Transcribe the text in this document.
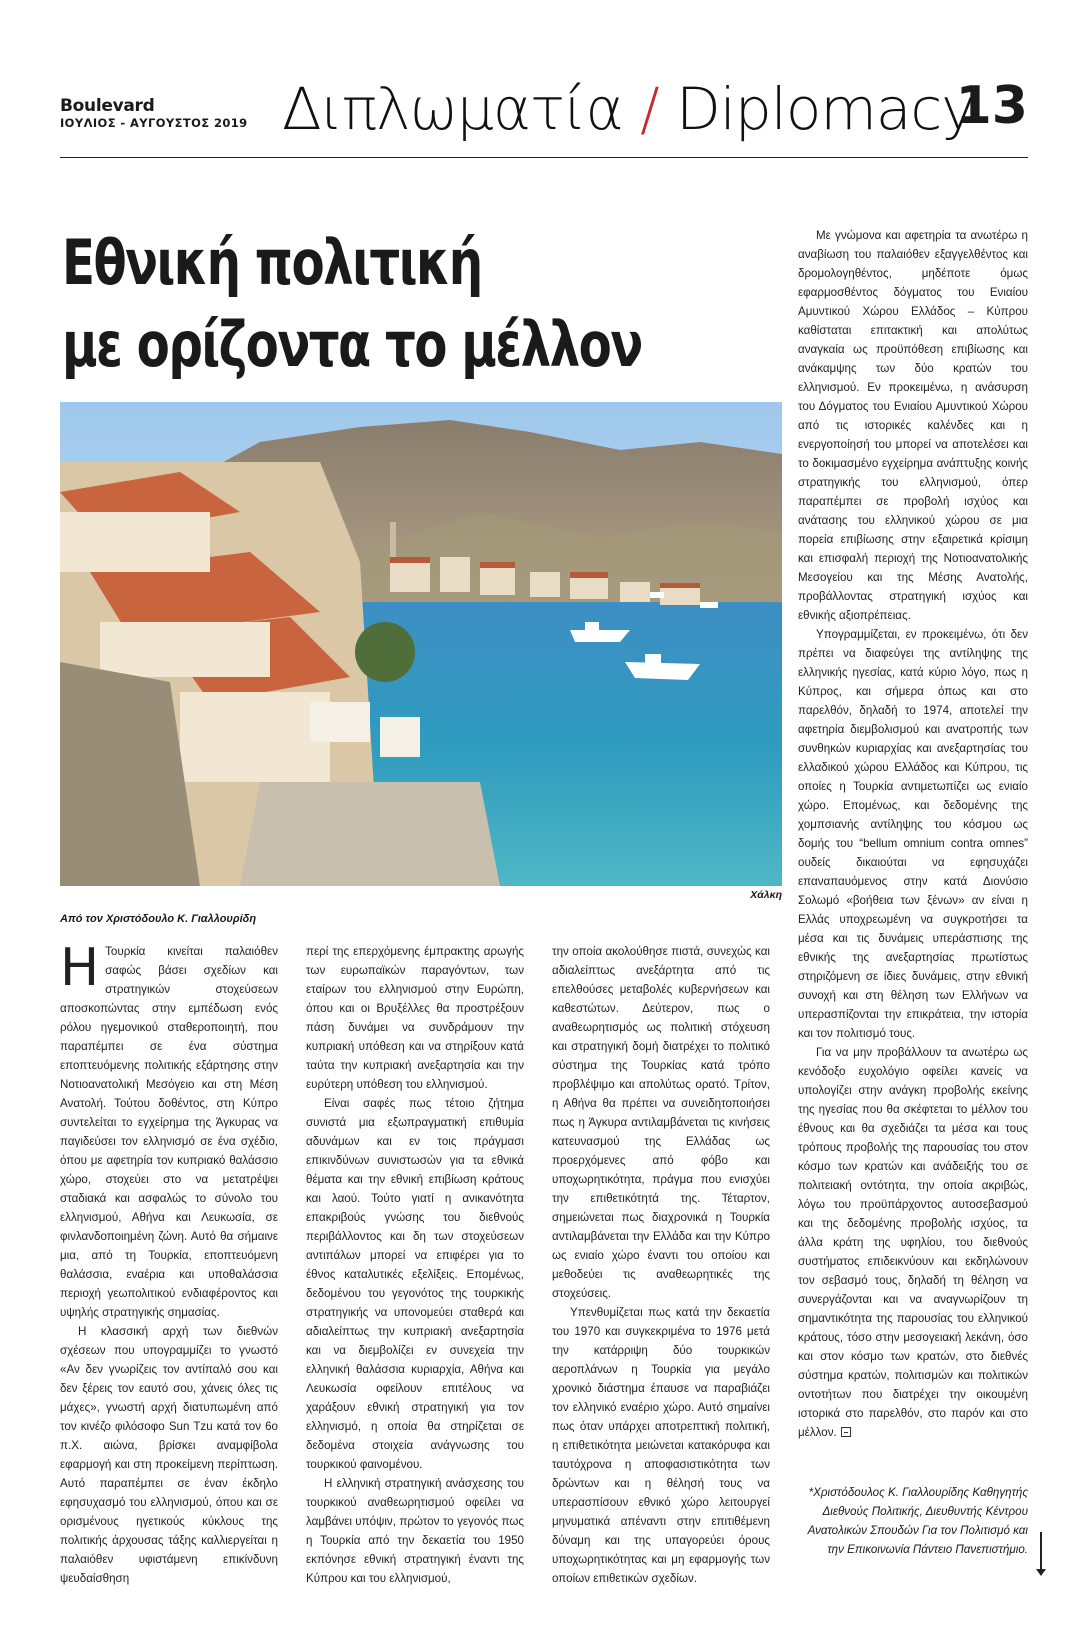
Boulevard
ΙΟΥΛΙΟΣ - ΑΥΓΟΥΣΤΟΣ 2019 Διπλωματία / Diplomacy
13
Εθνική πολιτική
με ορίζοντα το μέλλον
Χάλκη
Από τον Χριστόδουλο Κ. Γιαλλουρίδη

Η Τουρκία κινείται παλαιόθεν σαφώς βάσει σχεδίων και στρατηγικών στοχεύσεων αποσκοπώντας στην εμπέδωση ενός ρόλου ηγεμονικού σταθεροποιητή, που παραπέμπει σε ένα σύστημα εποπτευόμενης πολιτικής εξάρτησης στην Νοτιοανατολική Μεσόγειο και στη Μέση Ανατολή. Τούτου δοθέντος, στη Κύπρο συντελείται το εγχείρημα της Άγκυρας να παγιδεύσει τον ελληνισμό σε ένα σχέδιο, όπου με αφετηρία τον κυπριακό θαλάσσιο χώρο, στοχεύει στο να μετατρέψει σταδιακά και ασφαλώς το σύνολο του ελληνισμού, Αθήνα και Λευκωσία, σε φινλανδοποιημένη ζώνη. Αυτό θα σήμαινε μια, από τη Τουρκία, εποπτευόμενη θαλάσσια, εναέρια και υποθαλάσσια περιοχή γεωπολιτικού ενδιαφέροντος και υψηλής στρατηγικής σημασίας.

Η κλασσική αρχή των διεθνών σχέσεων που υπογραμμίζει το γνωστό «Αν δεν γνωρίζεις τον αντίπαλό σου και δεν ξέρεις τον εαυτό σου, χάνεις όλες τις μάχες», γνωστή αρχή διατυπωμένη από τον κινέζο φιλόσοφο Sun Tzu κατά τον 6ο π.Χ. αιώνα, βρίσκει αναμφίβολα εφαρμογή και στη προκείμενη περίπτωση. Αυτό παραπέμπει σε έναν έκδηλο εφησυχασμό του ελληνισμού, όπου και σε ορισμένους ηγετικούς κύκλους της πολιτικής άρχουσας τάξης καλλιεργείται η παλαιόθεν υφιστάμενη επικίνδυνη ψευδαίσθηση

περί της επερχόμενης έμπρακτης αρωγής των ευρωπαϊκών παραγόντων, των εταίρων του ελληνισμού στην Ευρώπη, όπου και οι Βρυξέλλες θα προστρέξουν πάση δυνάμει να συνδράμουν την κυπριακή υπόθεση και να στηρίξουν κατά ταύτα την κυπριακή ανεξαρτησία και την ευρύτερη υπόθεση του ελληνισμού.

Είναι σαφές πως τέτοιο ζήτημα συνιστά μια εξωπραγματική επιθυμία αδυνάμων και εν τοις πράγμασι επικινδύνων συνιστωσών για τα εθνικά θέματα και την εθνική επιβίωση κράτους και λαού. Τούτο γιατί η ανικανότητα επακριβούς γνώσης του διεθνούς περιβάλλοντος και δη των στοχεύσεων αντιπάλων μπορεί να επιφέρει για το έθνος καταλυτικές εξελίξεις. Επομένως, δεδομένου του γεγονότος της τουρκικής στρατηγικής να υπονομεύει σταθερά και αδιαλείπτως την κυπριακή ανεξαρτησία και να διεμβολίζει εν συνεχεία την ελληνική θαλάσσια κυριαρχία, Αθήνα και Λευκωσία οφείλουν επιτέλους να χαράξουν εθνική στρατηγική για τον ελληνισμό, η οποία θα στηρίζεται σε δεδομένα στοιχεία ανάγνωσης του τουρκικού φαινομένου.

Η ελληνική στρατηγική ανάσχεσης του τουρκικού αναθεωρητισμού οφείλει να λαμβάνει υπόψιν, πρώτον το γεγονός πως η Τουρκία από την δεκαετία του 1950 εκπόνησε εθνική στρατηγική έναντι της Κύπρου και του ελληνισμού,

την οποία ακολούθησε πιστά, συνεχώς και αδιαλείπτως ανεξάρτητα από τις επελθούσες μεταβολές κυβερνήσεων και καθεστώτων. Δεύτερον, πως ο αναθεωρητισμός ως πολιτική στόχευση και στρατηγική δομή διατρέχει το πολιτικό σύστημα της Τουρκίας κατά τρόπο προβλέψιμο και απολύτως ορατό. Τρίτον, η Αθήνα θα πρέπει να συνειδητοποιήσει πως η Άγκυρα αντιλαμβάνεται τις κινήσεις κατευνασμού της Ελλάδας ως προερχόμενες από φόβο και υποχωρητικότητα, πράγμα που ενισχύει την επιθετικότητά της. Τέταρτον, σημειώνεται πως διαχρονικά η Τουρκία αντιλαμβάνεται την Ελλάδα και την Κύπρο ως ενιαίο χώρο έναντι του οποίου και μεθοδεύει τις αναθεωρητικές της στοχεύσεις.

Υπενθυμίζεται πως κατά την δεκαετία του 1970 και συγκεκριμένα το 1976 μετά την κατάρριψη δύο τουρκικών αεροπλάνων η Τουρκία για μεγάλο χρονικό διάστημα έπαυσε να παραβιάζει τον ελληνικό εναέριο χώρο. Αυτό σημαίνει πως όταν υπάρχει αποτρεπτική πολιτική, η επιθετικότητα μειώνεται κατακόρυφα και ταυτόχρονα η αποφασιστικότητα των δρώντων και η θέλησή τους να υπερασπίσουν εθνικό χώρο λειτουργεί μηνυματικά απέναντι στην επιτιθέμενη δύναμη και της υπαγορεύει όρους υποχωρητικότητας και μη εφαρμογής των οποίων επιθετικών σχεδίων.

Με γνώμονα και αφετηρία τα ανωτέρω η αναβίωση του παλαιόθεν εξαγγελθέντος και δρομολογηθέντος, μηδέποτε όμως εφαρμοσθέντος δόγματος του Ενιαίου Αμυντικού Χώρου Ελλάδος – Κύπρου καθίσταται επιτακτική και απολύτως αναγκαία ως προϋπόθεση επιβίωσης και ανάκαμψης των δύο κρατών του ελληνισμού. Εν προκειμένω, η ανάσυρση του Δόγματος του Ενιαίου Αμυντικού Χώρου από τις ιστορικές καλένδες και η ενεργοποίησή του μπορεί να αποτελέσει και το δοκιμασμένο εγχείρημα ανάπτυξης κοινής στρατηγικής του ελληνισμού, όπερ παραπέμπει σε προβολή ισχύος και ανάτασης του ελληνικού χώρου σε μια πορεία επιβίωσης στην εξαιρετικά κρίσιμη και επισφαλή περιοχή της Νοτιοανατολικής Μεσογείου και της Μέσης Ανατολής, προβάλλοντας στρατηγική ισχύος και εθνικής αξιοπρέπειας.

Υπογραμμίζεται, εν προκειμένω, ότι δεν πρέπει να διαφεύγει της αντίληψης της ελληνικής ηγεσίας, κατά κύριο λόγο, πως η Κύπρος, και σήμερα όπως και στο παρελθόν, δηλαδή το 1974, αποτελεί την αφετηρία διεμβολισμού και ανατροπής των συνθηκών κυριαρχίας και ανεξαρτησίας του ελλαδικού χώρου Ελλάδος και Κύπρου, τις οποίες η Τουρκία αντιμετωπίζει ως ενιαίο χώρο. Επομένως, και δεδομένης της χομπσιανής αντίληψης του κόσμου ως δομής του “bellum omnium contra omnes” ουδείς δικαιούται να εφησυχάζει επαναπαυόμενος στην κατά Διονύσιο Σολωμό «βοήθεια των ξένων» αν είναι η Ελλάς υποχρεωμένη να συγκροτήσει τα μέσα και τις δυνάμεις υπεράσπισης της εθνικής της ανεξαρτησίας πρωτίστως στηριζόμενη σε ίδιες δυνάμεις, στην εθνική συνοχή και στη θέληση των Ελλήνων να υπερασπίζονται την επικράτεια, την ιστορία και τον πολιτισμό τους.

Για να μην προβάλλουν τα ανωτέρω ως κενόδοξο ευχολόγιο οφείλει κανείς να υπολογίζει στην ανάγκη προβολής εκείνης της ηγεσίας που θα σκέφτεται το μέλλον του έθνους και θα σχεδιάζει τα μέσα και τους τρόπους προβολής της παρουσίας του στον κόσμο των κρατών και ανάδειξής του σε πολιτειακή οντότητα, την οποία ακριβώς, λόγω του προϋπάρχοντος αυτοσεβασμού και της δεδομένης προβολής ισχύος, τα άλλα κράτη της υφηλίου, του διεθνούς συστήματος επιδεικνύουν και εκδηλώνουν τον σεβασμό τους, δηλαδή τη θέληση να συνεργάζονται και να αναγνωρίζουν τη σημαντικότητα της παρουσίας του ελληνικού κράτους, τόσο στην μεσογειακή λεκάνη, όσο και στον κόσμο των κρατών, στο διεθνές σύστημα κρατών, πολιτισμών και πολιτικών οντοτήτων που διατρέχει την οικουμένη ιστορικά στο παρελθόν, στο παρόν και στο μέλλον.

*Χριστόδουλος Κ. Γιαλλουρίδης Καθηγητής Διεθνούς Πολιτικής, Διευθυντής Κέντρου Ανατολικών Σπουδών Για τον Πολιτισμό και την Επικοινωνία Πάντειο Πανεπιστήμιο.
